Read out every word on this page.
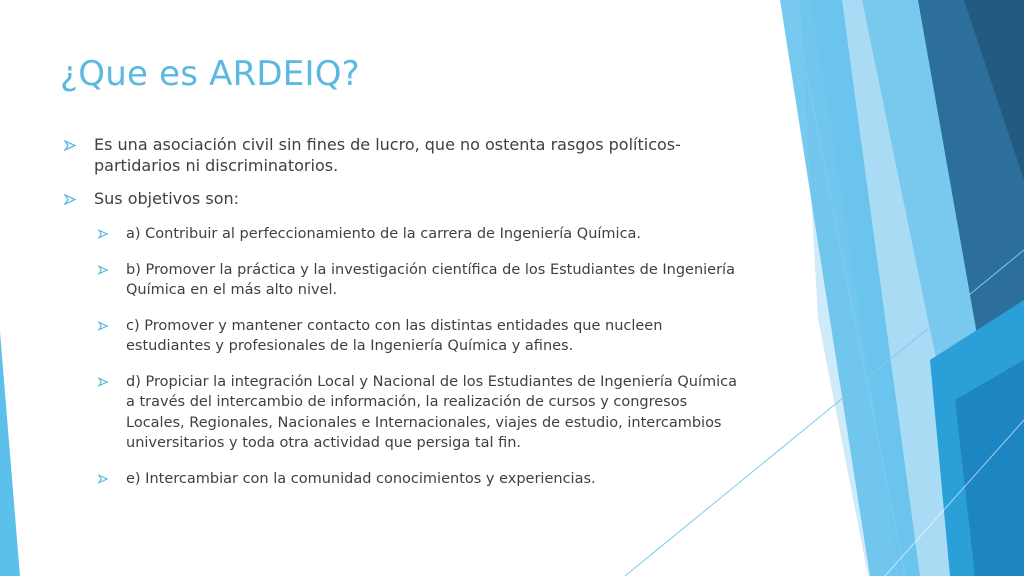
¿Que es ARDEIQ?
Es una asociación civil sin fines de lucro, que no ostenta rasgos políticos-partidarios ni discriminatorios.
Sus objetivos son:
a) Contribuir al perfeccionamiento de la carrera de Ingeniería Química.
b) Promover la práctica y la investigación científica de los Estudiantes de Ingeniería Química en el más alto nivel.
c) Promover y mantener contacto con las distintas entidades que nucleen estudiantes y profesionales de la Ingeniería Química y afines.
d) Propiciar la integración Local y Nacional de los Estudiantes de Ingeniería Química a través del intercambio de información, la realización de cursos y congresos Locales, Regionales, Nacionales e Internacionales, viajes de estudio, intercambios universitarios y toda otra actividad que persiga tal fin.
e) Intercambiar con la comunidad conocimientos y experiencias.
